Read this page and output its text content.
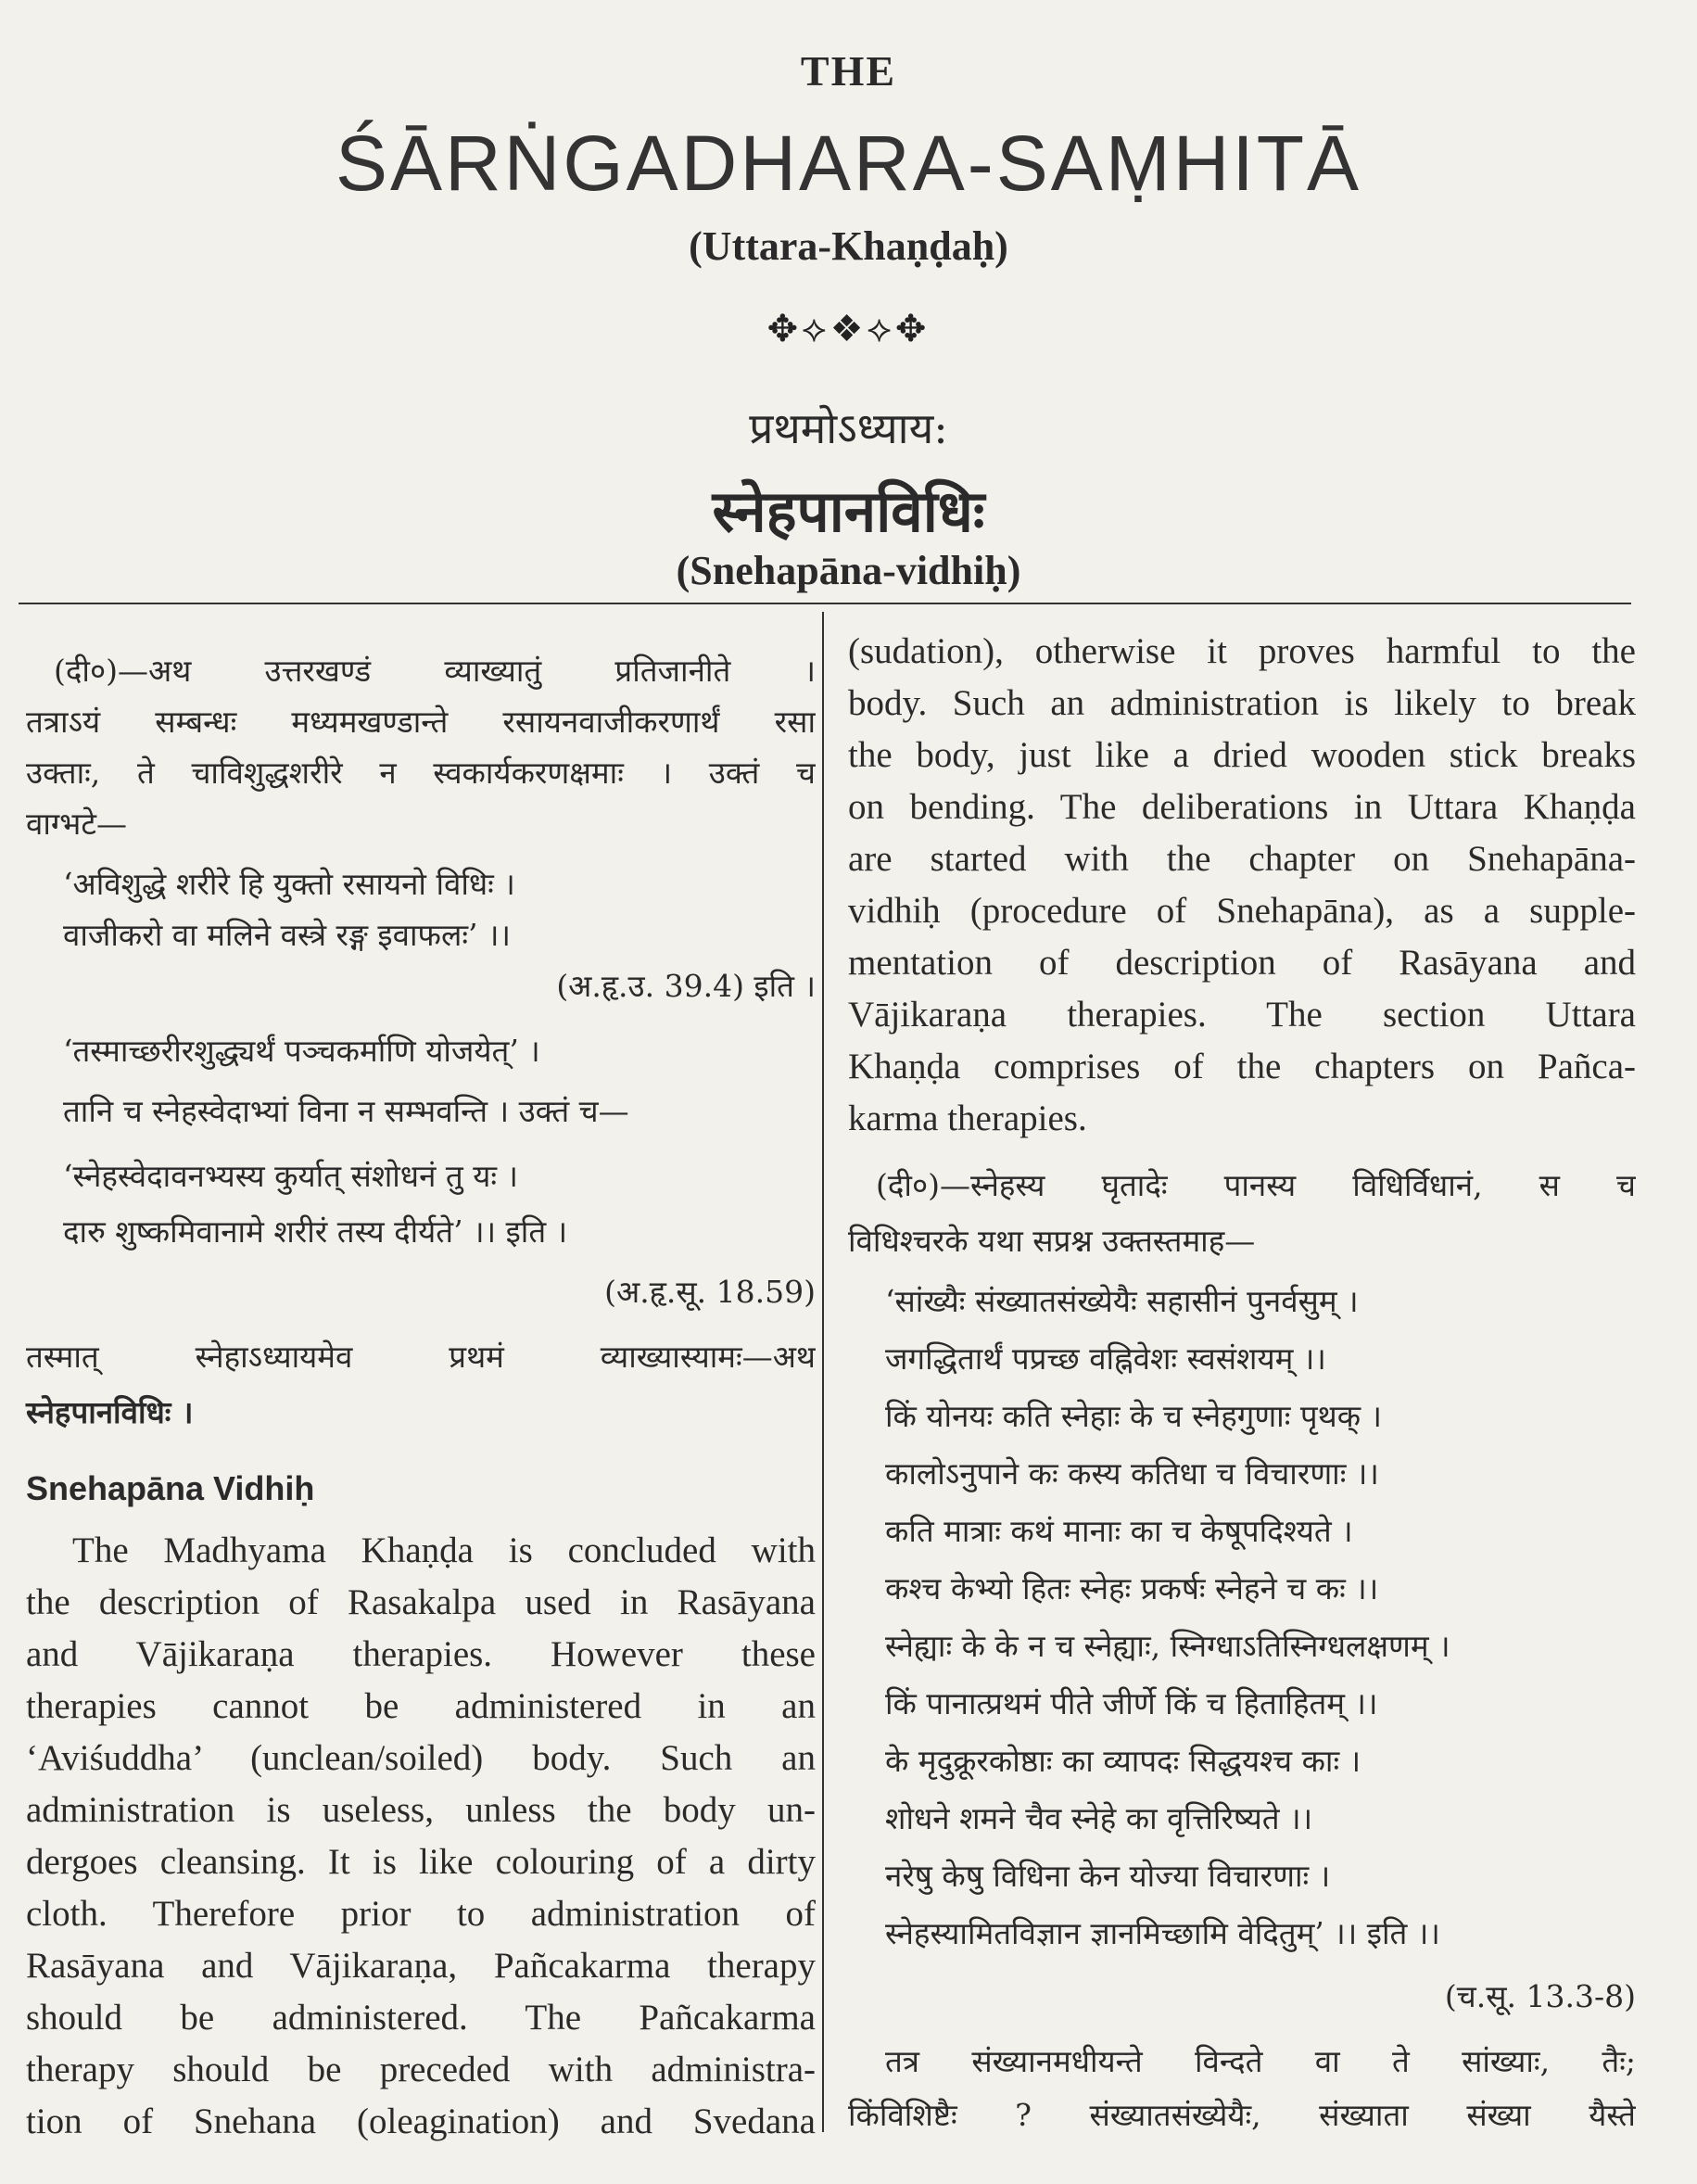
THE
ŚĀRṄGADHARA-SAṂHITĀ
(Uttara-Khaṇḍaḥ)
✥⟡❖⟡✥
प्रथमोऽध्याय:
स्नेहपानविधिः
(Snehapāna-vidhiḥ)
(दी०)—अथ उत्तरखण्डं व्याख्यातुं प्रतिजानीते ।
तत्राऽयं सम्बन्धः मध्यमखण्डान्ते रसायनवाजीकरणार्थं रसा
उक्ताः, ते चाविशुद्धशरीरे न स्वकार्यकरणक्षमाः । उक्तं च
वाग्भटे—
‘अविशुद्धे शरीरे हि युक्तो रसायनो विधिः ।
वाजीकरो वा मलिने वस्त्रे रङ्ग इवाफलः’ ।।
(अ.हृ.उ. 39.4) इति ।
‘तस्माच्छरीरशुद्ध्यर्थं पञ्चकर्माणि योजयेत्’ ।
तानि च स्नेहस्वेदाभ्यां विना न सम्भवन्ति । उक्तं च—
‘स्नेहस्वेदावनभ्यस्य कुर्यात् संशोधनं तु यः ।
दारु शुष्कमिवानामे शरीरं तस्य दीर्यते’ ।। इति ।
(अ.हृ.सू. 18.59)
तस्मात् स्नेहाऽध्यायमेव प्रथमं व्याख्यास्यामः—अथ
स्नेहपानविधिः ।
Snehapāna Vidhiḥ
The Madhyama Khaṇḍa is concluded with
the description of Rasakalpa used in Rasāyana
and Vājikaraṇa therapies. However these
therapies cannot be administered in an
‘Aviśuddha’ (unclean/soiled) body. Such an
administration is useless, unless the body un-
dergoes cleansing. It is like colouring of a dirty
cloth. Therefore prior to administration of
Rasāyana and Vājikaraṇa, Pañcakarma therapy
should be administered. The Pañcakarma
therapy should be preceded with administra-
tion of Snehana (oleagination) and Svedana
(sudation), otherwise it proves harmful to the
body. Such an administration is likely to break
the body, just like a dried wooden stick breaks
on bending. The deliberations in Uttara Khaṇḍa
are started with the chapter on Snehapāna-
vidhiḥ (procedure of Snehapāna), as a supple-
mentation of description of Rasāyana and
Vājikaraṇa therapies. The section Uttara
Khaṇḍa comprises of the chapters on Pañca-
karma therapies.
(दी०)—स्नेहस्य घृतादेः पानस्य विधिर्विधानं, स च
विधिश्चरके यथा सप्रश्न उक्तस्तमाह—
‘सांख्यैः संख्यातसंख्येयैः सहासीनं पुनर्वसुम् ।
जगद्धितार्थं पप्रच्छ वह्निवेशः स्वसंशयम् ।।
किं योनयः कति स्नेहाः के च स्नेहगुणाः पृथक् ।
कालोऽनुपाने कः कस्य कतिधा च विचारणाः ।।
कति मात्राः कथं मानाः का च केषूपदिश्यते ।
कश्च केभ्यो हितः स्नेहः प्रकर्षः स्नेहने च कः ।।
स्नेह्याः के के न च स्नेह्याः, स्निग्धाऽतिस्निग्धलक्षणम् ।
किं पानात्प्रथमं पीते जीर्णे किं च हिताहितम् ।।
के मृदुक्रूरकोष्ठाः का व्यापदः सिद्धयश्च काः ।
शोधने शमने चैव स्नेहे का वृत्तिरिष्यते ।।
नरेषु केषु विधिना केन योज्या विचारणाः ।
स्नेहस्यामितविज्ञान ज्ञानमिच्छामि वेदितुम्’ ।। इति ।।
(च.सू. 13.3-8)
तत्र संख्यानमधीयन्ते विन्दते वा ते सांख्याः, तैः;
किंविशिष्टैः ? संख्यातसंख्येयैः, संख्याता संख्या यैस्ते
